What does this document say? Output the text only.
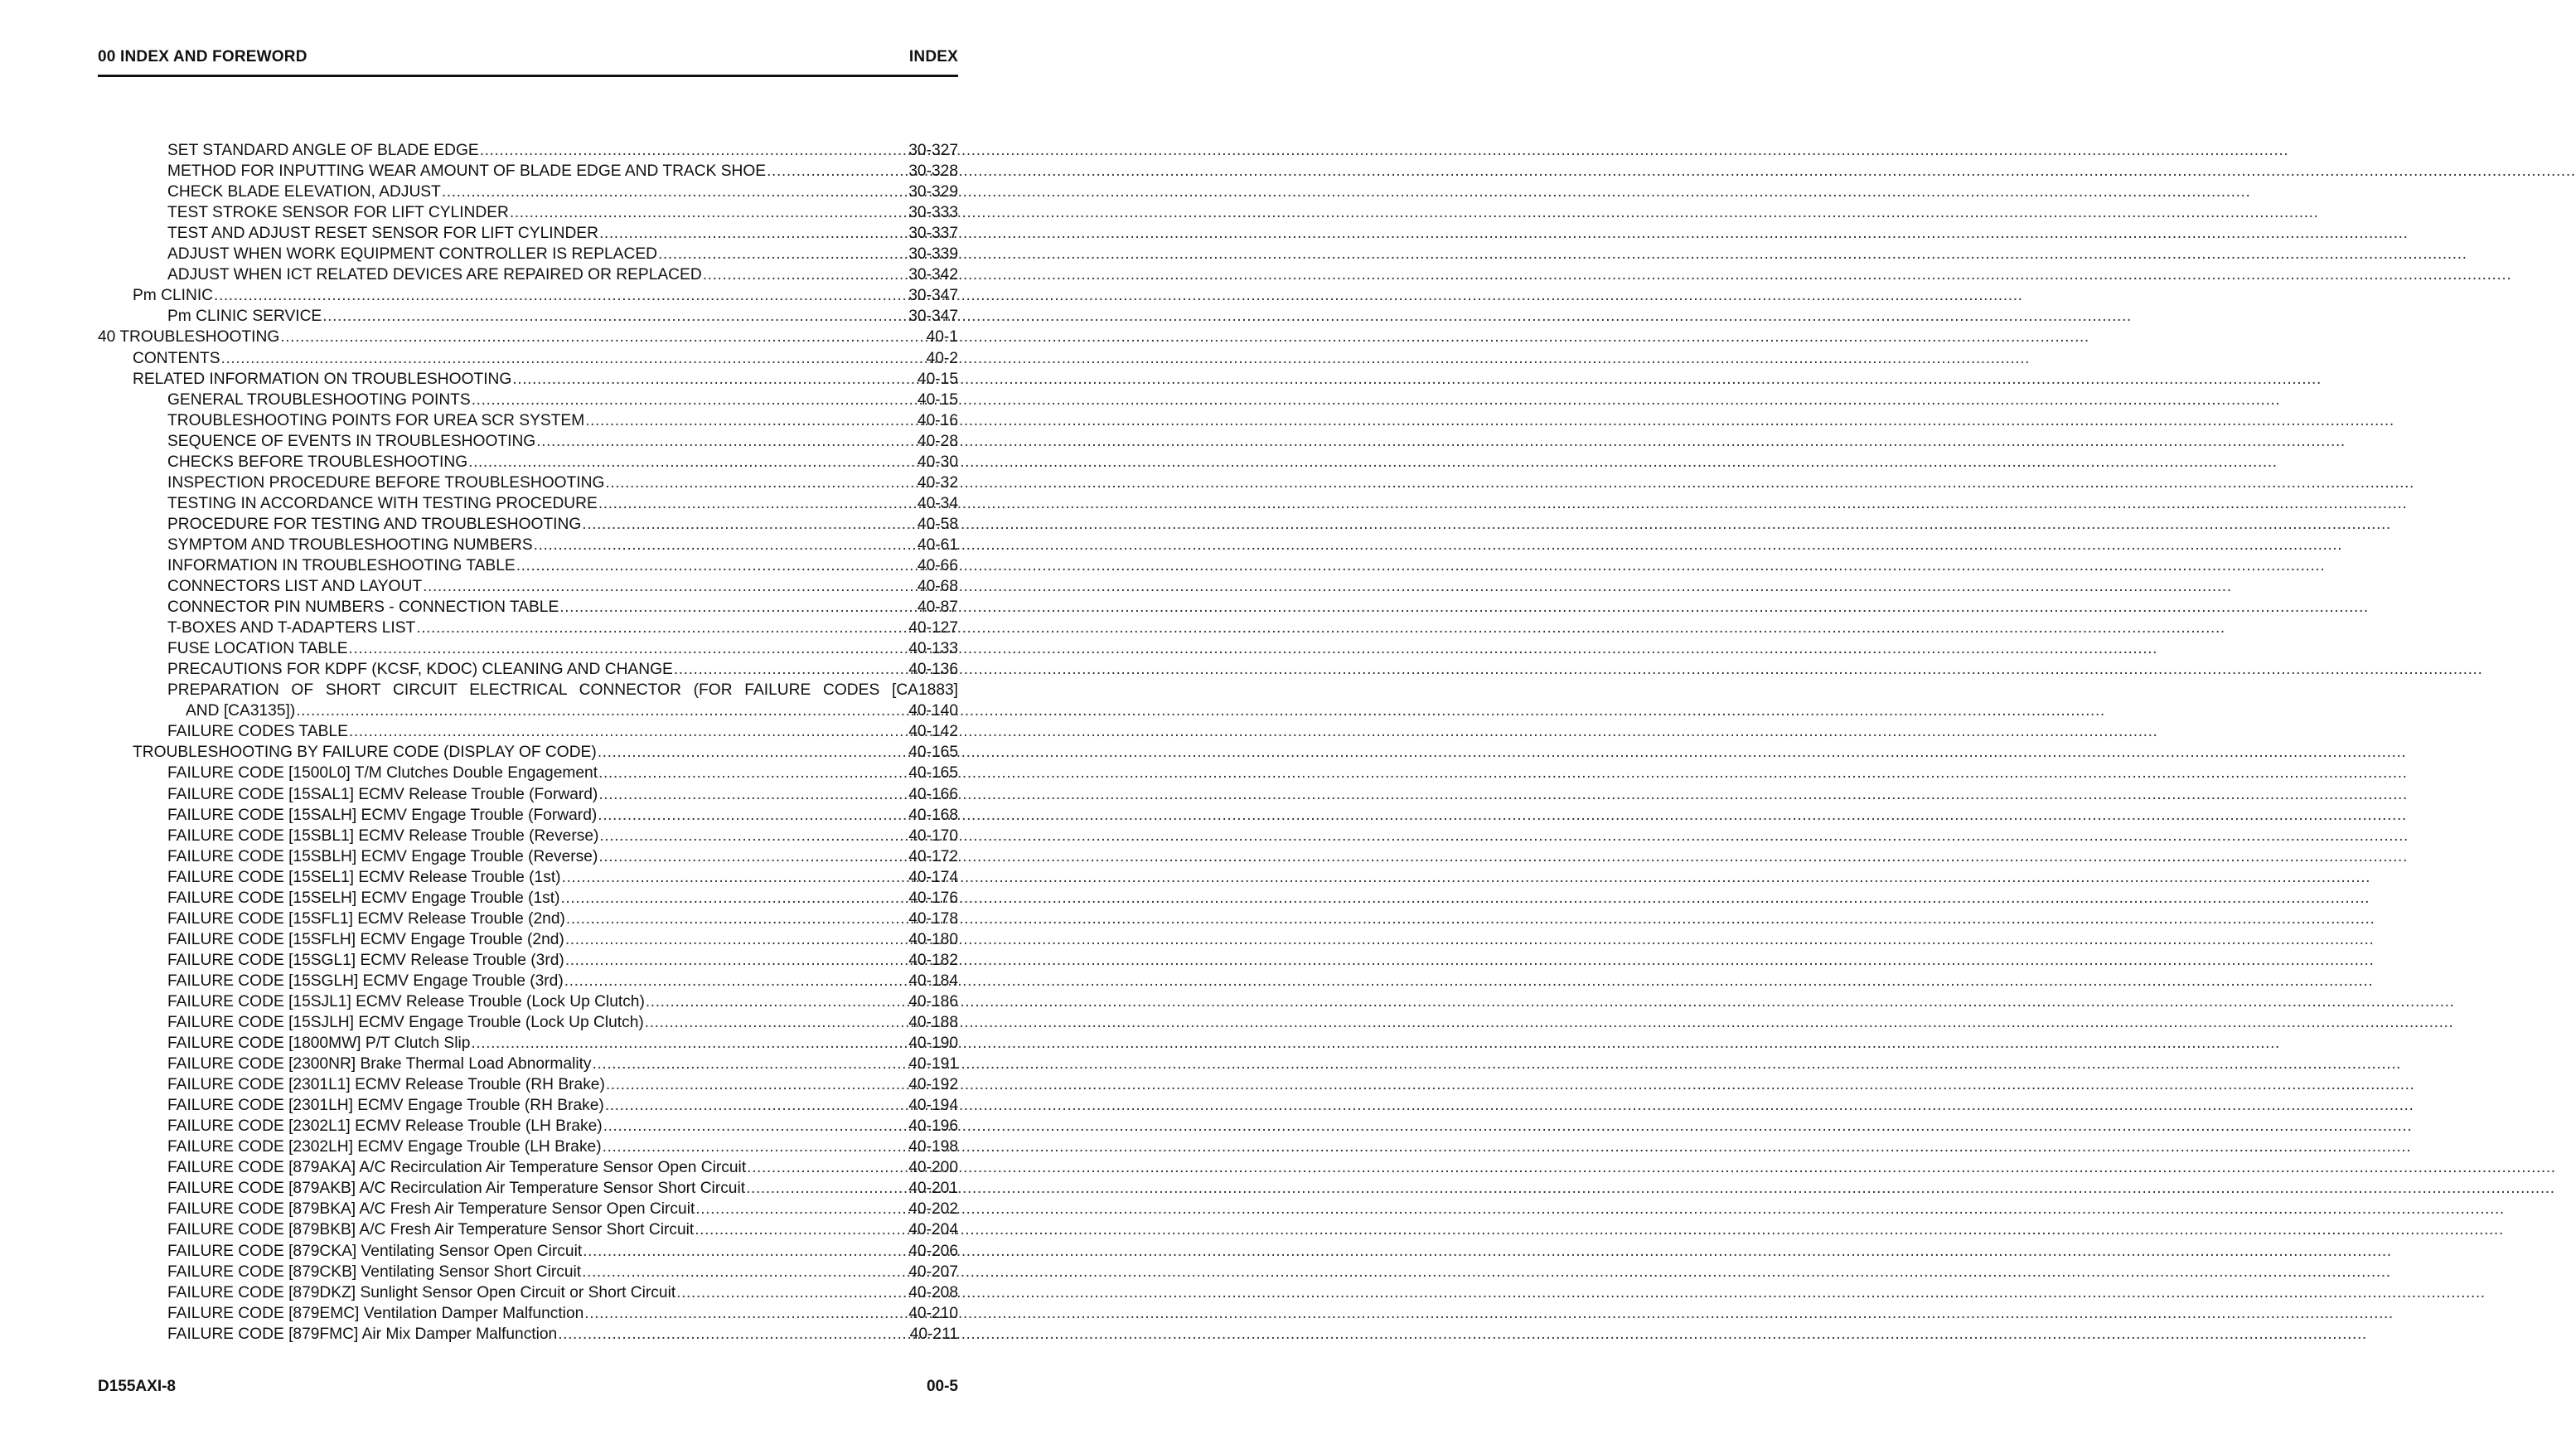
00 INDEX AND FOREWORD	INDEX
SET STANDARD ANGLE OF BLADE EDGE .....	30-327
METHOD FOR INPUTTING WEAR AMOUNT OF BLADE EDGE AND TRACK SHOE .....	30-328
CHECK BLADE ELEVATION, ADJUST .....	30-329
TEST STROKE SENSOR FOR LIFT CYLINDER .....	30-333
TEST AND ADJUST RESET SENSOR FOR LIFT CYLINDER .....	30-337
ADJUST WHEN WORK EQUIPMENT CONTROLLER IS REPLACED .....	30-339
ADJUST WHEN ICT RELATED DEVICES ARE REPAIRED OR REPLACED .....	30-342
Pm CLINIC .....	30-347
Pm CLINIC SERVICE .....	30-347
40 TROUBLESHOOTING .....	40-1
CONTENTS .....	40-2
RELATED INFORMATION ON TROUBLESHOOTING .....	40-15
GENERAL TROUBLESHOOTING POINTS .....	40-15
TROUBLESHOOTING POINTS FOR UREA SCR SYSTEM .....	40-16
SEQUENCE OF EVENTS IN TROUBLESHOOTING .....	40-28
CHECKS BEFORE TROUBLESHOOTING .....	40-30
INSPECTION PROCEDURE BEFORE TROUBLESHOOTING .....	40-32
TESTING IN ACCORDANCE WITH TESTING PROCEDURE .....	40-34
PROCEDURE FOR TESTING AND TROUBLESHOOTING .....	40-58
SYMPTOM AND TROUBLESHOOTING NUMBERS .....	40-61
INFORMATION IN TROUBLESHOOTING TABLE .....	40-66
CONNECTORS LIST AND LAYOUT .....	40-68
CONNECTOR PIN NUMBERS - CONNECTION TABLE .....	40-87
T-BOXES AND T-ADAPTERS LIST .....	40-127
FUSE LOCATION TABLE .....	40-133
PRECAUTIONS FOR KDPF (KCSF, KDOC) CLEANING AND CHANGE .....	40-136
PREPARATION OF SHORT CIRCUIT ELECTRICAL CONNECTOR (FOR FAILURE CODES [CA1883]
AND [CA3135]) .....	40-140
FAILURE CODES TABLE .....	40-142
TROUBLESHOOTING BY FAILURE CODE (DISPLAY OF CODE) .....	40-165
FAILURE CODE [1500L0] T/M Clutches Double Engagement .....	40-165
FAILURE CODE [15SAL1] ECMV Release Trouble (Forward) .....	40-166
FAILURE CODE [15SALH] ECMV Engage Trouble (Forward) .....	40-168
FAILURE CODE [15SBL1] ECMV Release Trouble (Reverse) .....	40-170
FAILURE CODE [15SBLH] ECMV Engage Trouble (Reverse) .....	40-172
FAILURE CODE [15SEL1] ECMV Release Trouble (1st) .....	40-174
FAILURE CODE [15SELH] ECMV Engage Trouble (1st) .....	40-176
FAILURE CODE [15SFL1] ECMV Release Trouble (2nd) .....	40-178
FAILURE CODE [15SFLH] ECMV Engage Trouble (2nd) .....	40-180
FAILURE CODE [15SGL1] ECMV Release Trouble (3rd) .....	40-182
FAILURE CODE [15SGLH] ECMV Engage Trouble (3rd) .....	40-184
FAILURE CODE [15SJL1] ECMV Release Trouble (Lock Up Clutch) .....	40-186
FAILURE CODE [15SJLH] ECMV Engage Trouble (Lock Up Clutch) .....	40-188
FAILURE CODE [1800MW] P/T Clutch Slip .....	40-190
FAILURE CODE [2300NR] Brake Thermal Load Abnormality .....	40-191
FAILURE CODE [2301L1] ECMV Release Trouble (RH Brake) .....	40-192
FAILURE CODE [2301LH] ECMV Engage Trouble (RH Brake) .....	40-194
FAILURE CODE [2302L1] ECMV Release Trouble (LH Brake) .....	40-196
FAILURE CODE [2302LH] ECMV Engage Trouble (LH Brake) .....	40-198
FAILURE CODE [879AKA] A/C Recirculation Air Temperature Sensor Open Circuit .....	40-200
FAILURE CODE [879AKB] A/C Recirculation Air Temperature Sensor Short Circuit .....	40-201
FAILURE CODE [879BKA] A/C Fresh Air Temperature Sensor Open Circuit .....	40-202
FAILURE CODE [879BKB] A/C Fresh Air Temperature Sensor Short Circuit .....	40-204
FAILURE CODE [879CKA] Ventilating Sensor Open Circuit .....	40-206
FAILURE CODE [879CKB] Ventilating Sensor Short Circuit .....	40-207
FAILURE CODE [879DKZ] Sunlight Sensor Open Circuit or Short Circuit .....	40-208
FAILURE CODE [879EMC] Ventilation Damper Malfunction .....	40-210
FAILURE CODE [879FMC] Air Mix Damper Malfunction .....	40-211
D155AXI-8	00-5
